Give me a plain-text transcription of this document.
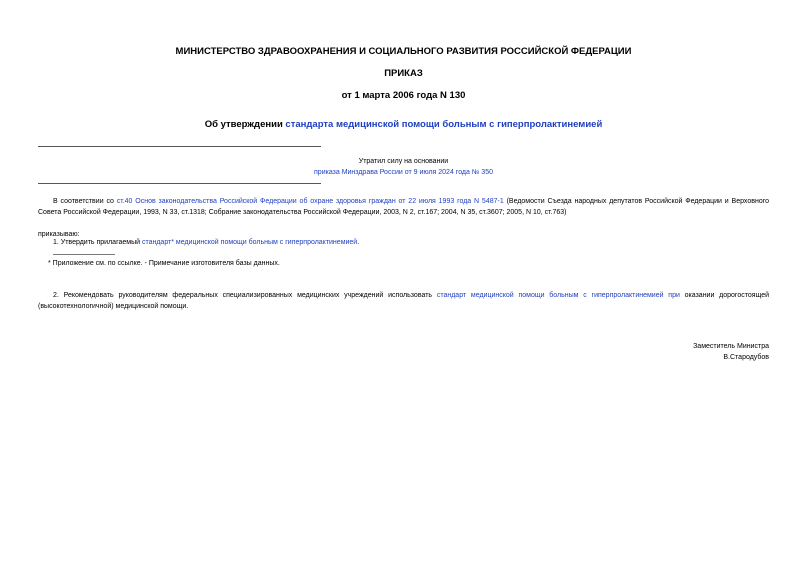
МИНИСТЕРСТВО ЗДРАВООХРАНЕНИЯ И СОЦИАЛЬНОГО РАЗВИТИЯ РОССИЙСКОЙ ФЕДЕРАЦИИ
ПРИКАЗ
от 1 марта 2006 года N 130
Об утверждении стандарта медицинской помощи больным с гиперпролактинемией
Утратил силу на основании
приказа Минздрава России от 9 июля 2024 года № 350
В соответствии со ст.40 Основ законодательства Российской Федерации об охране здоровья граждан от 22 июля 1993 года N 5487-1 (Ведомости Съезда народных депутатов Российской Федерации и Верховного Совета Российской Федерации, 1993, N 33, ст.1318; Собрание законодательства Российской Федерации, 2003, N 2, ст.167; 2004, N 35, ст.3607; 2005, N 10, ст.763)
приказываю:
1. Утвердить прилагаемый стандарт* медицинской помощи больным с гиперпролактинемией.
* Приложение см. по ссылке. - Примечание изготовителя базы данных.
2. Рекомендовать руководителям федеральных специализированных медицинских учреждений использовать стандарт медицинской помощи больным с гиперпролактинемией при оказании дорогостоящей (высокотехнологичной) медицинской помощи.
Заместитель Министра
В.Стародубов
